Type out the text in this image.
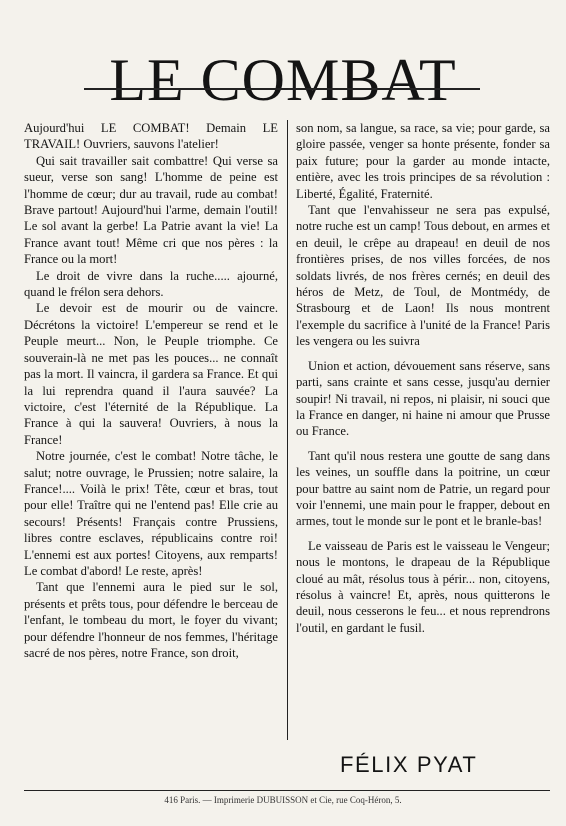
LE COMBAT

Aujourd'hui LE COMBAT! Demain LE TRAVAIL! Ouvriers, sauvons l'atelier!

Qui sait travailler sait combattre! Qui verse sa sueur, verse son sang! L'homme de peine est l'homme de cœur; dur au travail, rude au combat! Brave partout! Aujourd'hui l'arme, demain l'outil! Le sol avant la gerbe! La Patrie avant la vie! La France avant tout! Même cri que nos pères : la France ou la mort!

Le droit de vivre dans la ruche..... ajourné, quand le frélon sera dehors.

Le devoir est de mourir ou de vaincre. Décrétons la victoire! L'empereur se rend et le Peuple meurt... Non, le Peuple triomphe. Ce souverain-là ne met pas les pouces... ne connaît pas la mort. Il vaincra, il gardera sa France. Et qui la lui reprendra quand il l'aura sauvée? La victoire, c'est l'éternité de la République. La France à qui la sauvera! Ouvriers, à nous la France!

Notre journée, c'est le combat! Notre tâche, le salut; notre ouvrage, le Prussien; notre salaire, la France!.... Voilà le prix! Tête, cœur et bras, tout pour elle! Traître qui ne l'entend pas! Elle crie au secours! Présents! Français contre Prussiens, libres contre esclaves, républicains contre roi! L'ennemi est aux portes! Citoyens, aux remparts! Le combat d'abord! Le reste, après!

Tant que l'ennemi aura le pied sur le sol, présents et prêts tous, pour défendre le berceau de l'enfant, le tombeau du mort, le foyer du vivant; pour défendre l'honneur de nos femmes, l'héritage sacré de nos pères, notre France, son droit,

son nom, sa langue, sa race, sa vie; pour garde, sa gloire passée, venger sa honte présente, fonder sa paix future; pour la garder au monde intacte, entière, avec les trois principes de sa révolution : Liberté, Égalité, Fraternité.

Tant que l'envahisseur ne sera pas expulsé, notre ruche est un camp! Tous debout, en armes et en deuil, le crêpe au drapeau! en deuil de nos frontières prises, de nos villes forcées, de nos soldats livrés, de nos frères cernés; en deuil des héros de Metz, de Toul, de Montmédy, de Strasbourg et de Laon! Ils nous montrent l'exemple du sacrifice à l'unité de la France! Paris les vengera ou les suivra

Union et action, dévouement sans réserve, sans parti, sans crainte et sans cesse, jusqu'au dernier soupir! Ni travail, ni repos, ni plaisir, ni souci que la France en danger, ni haine ni amour que Prusse ou France.

Tant qu'il nous restera une goutte de sang dans les veines, un souffle dans la poitrine, un cœur pour battre au saint nom de Patrie, un regard pour voir l'ennemi, une main pour le frapper, debout en armes, tout le monde sur le pont et le branle-bas!

Le vaisseau de Paris est le vaisseau le Vengeur; nous le montons, le drapeau de la République cloué au mât, résolus tous à périr... non, citoyens, résolus à vaincre! Et, après, nous quitterons le deuil, nous cesserons le feu... et nous reprendrons l'outil, en gardant le fusil.

FÉLIX PYAT
416 Paris. — Imprimerie DUBUISSON et Cie, rue Coq-Héron, 5.
